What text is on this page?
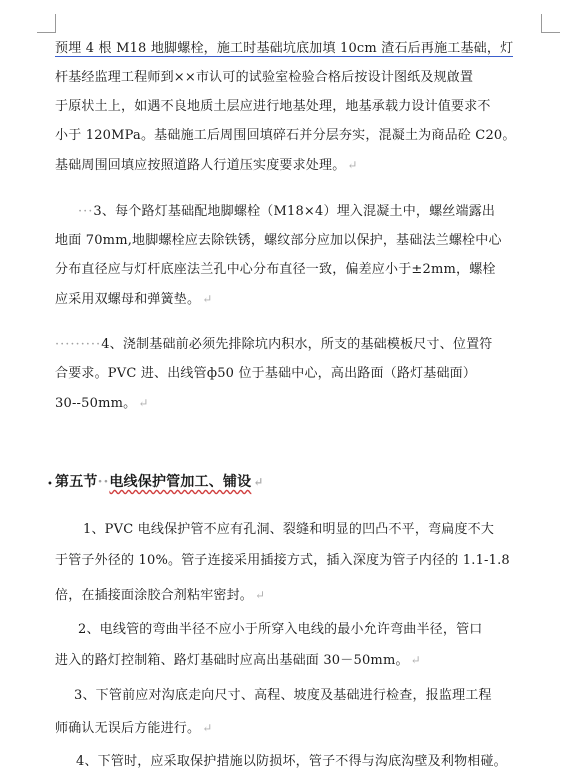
预埋 4 根 M18 地脚螺栓，施工时基础坑底加填 10cm 渣石后再施工基础，灯
杆基经监理工程师到××市认可的试验室检验合格后按设计图纸及规啟置
于原状土上，如遇不良地质土层应进行地基处理，地基承载力设计值要求不
小于 120MPa。基础施工后周围回填碎石并分层夯实，混凝土为商品砼 C20。
基础周围回填应按照道路人行道压实度要求处理。 ↵
···3、每个路灯基础配地脚螺栓（M18×4）埋入混凝土中，螺丝端露出
地面 70mm,地脚螺栓应去除铁锈，螺纹部分应加以保护，基础法兰螺栓中心
分布直径应与灯杆底座法兰孔中心分布直径一致，偏差应小于±2mm，螺栓
应采用双螺母和弹簧垫。 ↵
·········4、浇制基础前必须先排除坑内积水，所支的基础模板尺寸、位置符
合要求。PVC 进、出线管ф50 位于基础中心，高出路面（路灯基础面）
30--50mm。 ↵
• 第五节··电线保护管加工、铺设 ↵
1、PVC 电线保护管不应有孔洞、裂缝和明显的凹凸不平，弯扁度不大
于管子外径的 10%。管子连接采用插接方式，插入深度为管子内径的 1.1-1.8
倍，在插接面涂胶合剂粘牢密封。 ↵
2、电线管的弯曲半径不应小于所穿入电线的最小允许弯曲半径，管口
进入的路灯控制箱、路灯基础时应高出基础面 30－50mm。 ↵
3、下管前应对沟底走向尺寸、高程、坡度及基础进行检查，报监理工程
师确认无误后方能进行。 ↵
4、下管时，应采取保护措施以防损坏，管子不得与沟底沟壁及利物相碰。
